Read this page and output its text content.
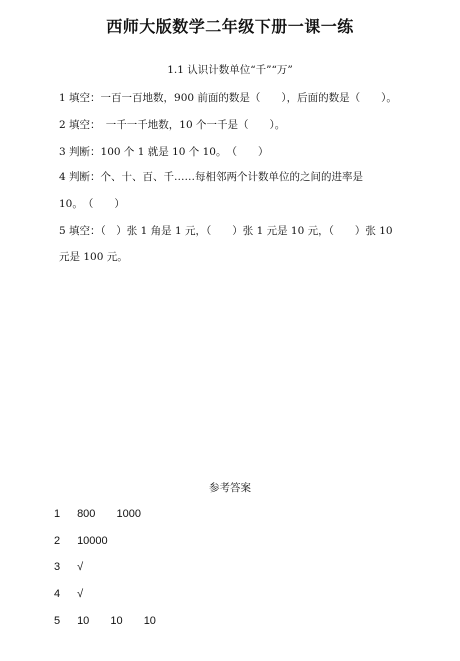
西师大版数学二年级下册一课一练
1.1 认识计数单位“千”“万”
1 填空：一百一百地数，900 前面的数是（　　），后面的数是（　　）。
2 填空：　一千一千地数，10 个一千是（　　）。
3 判断：100 个 1 就是 10 个 10。　（　　）
4 判断：个、十、百、千……每相邻两个计数单位的之间的进率是
10。　（　　）
5 填空：（　）张 1 角是 1 元，（　　）张 1 元是 10 元，（　　）张 10
元是 100 元。
参考答案
1 800 1000
2 10000
3 √
4 √
5 10 10 10
